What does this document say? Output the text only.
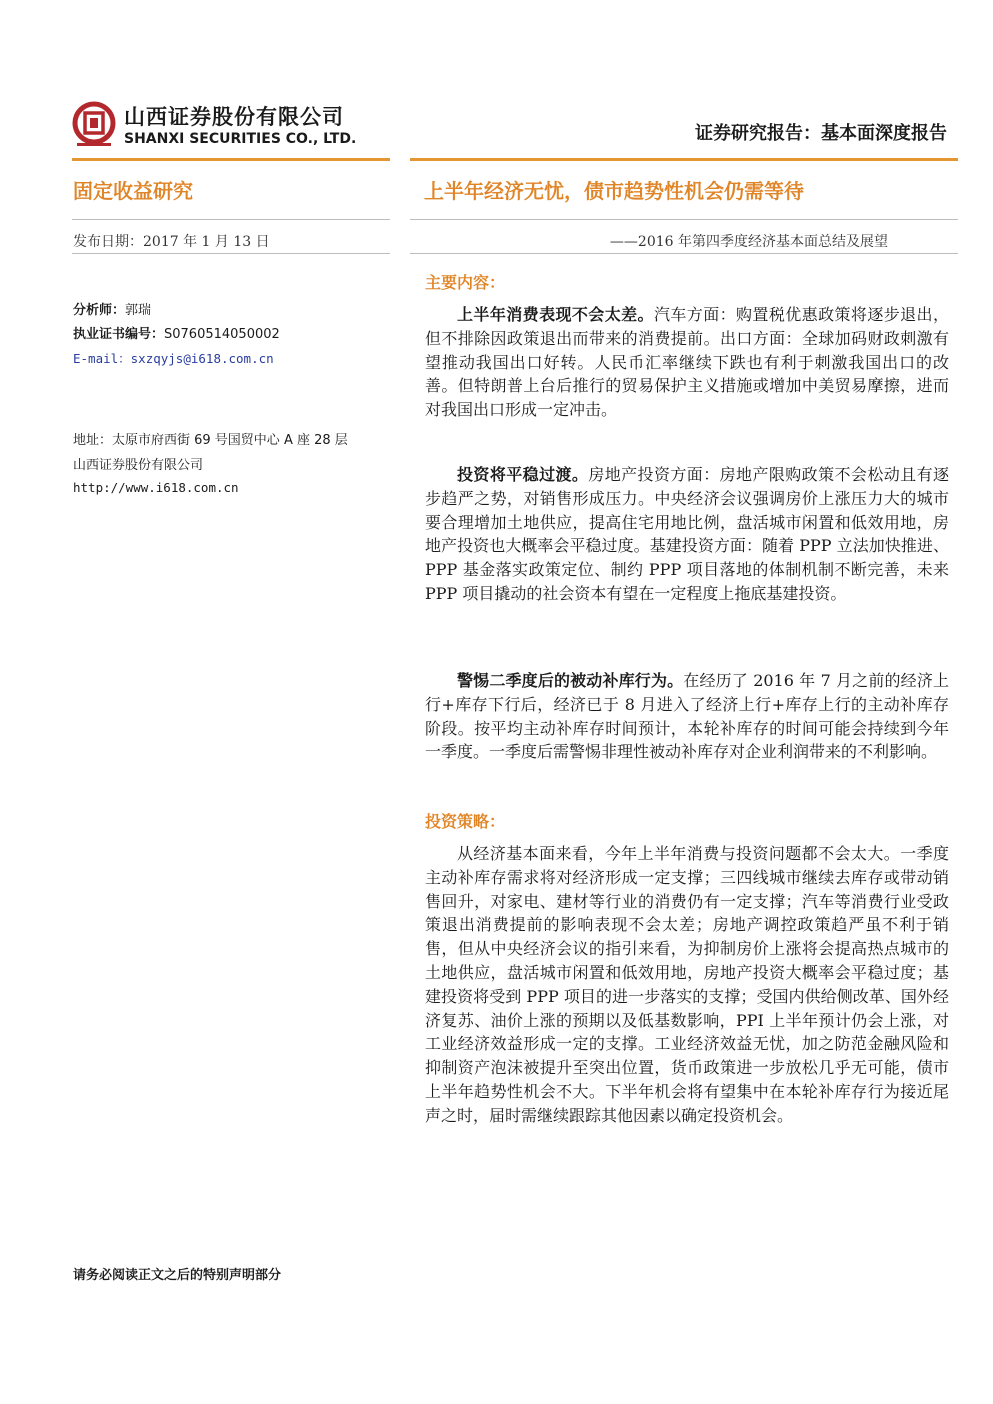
山西证券股份有限公司
SHANXI SECURITIES CO., LTD.	证券研究报告：基本面深度报告
固定收益研究	上半年经济无忧，债市趋势性机会仍需等待
发布日期：2017 年 1 月 13 日	——2016 年第四季度经济基本面总结及展望
分析师：郭瑞
执业证书编号：S0760514050002
E-mail：sxzqyjs@i618.com.cn
地址：太原市府西街 69 号国贸中心 A 座 28 层
山西证券股份有限公司
http://www.i618.com.cn
主要内容：

上半年消费表现不会太差。汽车方面：购置税优惠政策将逐步退出，但不排除因政策退出而带来的消费提前。出口方面：全球加码财政刺激有望推动我国出口好转。人民币汇率继续下跌也有利于刺激我国出口的改善。但特朗普上台后推行的贸易保护主义措施或增加中美贸易摩擦，进而对我国出口形成一定冲击。

投资将平稳过渡。房地产投资方面：房地产限购政策不会松动且有逐步趋严之势，对销售形成压力。中央经济会议强调房价上涨压力大的城市要合理增加土地供应，提高住宅用地比例，盘活城市闲置和低效用地，房地产投资也大概率会平稳过度。基建投资方面：随着 PPP 立法加快推进、PPP 基金落实政策定位、制约 PPP 项目落地的体制机制不断完善，未来 PPP 项目撬动的社会资本有望在一定程度上拖底基建投资。

警惕二季度后的被动补库行为。在经历了 2016 年 7 月之前的经济上行+库存下行后，经济已于 8 月进入了经济上行+库存上行的主动补库存阶段。按平均主动补库存时间预计，本轮补库存的时间可能会持续到今年一季度。一季度后需警惕非理性被动补库存对企业利润带来的不利影响。

投资策略：

从经济基本面来看，今年上半年消费与投资问题都不会太大。一季度主动补库存需求将对经济形成一定支撑；三四线城市继续去库存或带动销售回升，对家电、建材等行业的消费仍有一定支撑；汽车等消费行业受政策退出消费提前的影响表现不会太差；房地产调控政策趋严虽不利于销售，但从中央经济会议的指引来看，为抑制房价上涨将会提高热点城市的土地供应，盘活城市闲置和低效用地，房地产投资大概率会平稳过度；基建投资将受到 PPP 项目的进一步落实的支撑；受国内供给侧改革、国外经济复苏、油价上涨的预期以及低基数影响，PPI 上半年预计仍会上涨，对工业经济效益形成一定的支撑。工业经济效益无忧，加之防范金融风险和抑制资产泡沫被提升至突出位置，货币政策进一步放松几乎无可能，债市上半年趋势性机会不大。下半年机会将有望集中在本轮补库存行为接近尾声之时，届时需继续跟踪其他因素以确定投资机会。

请务必阅读正文之后的特别声明部分
